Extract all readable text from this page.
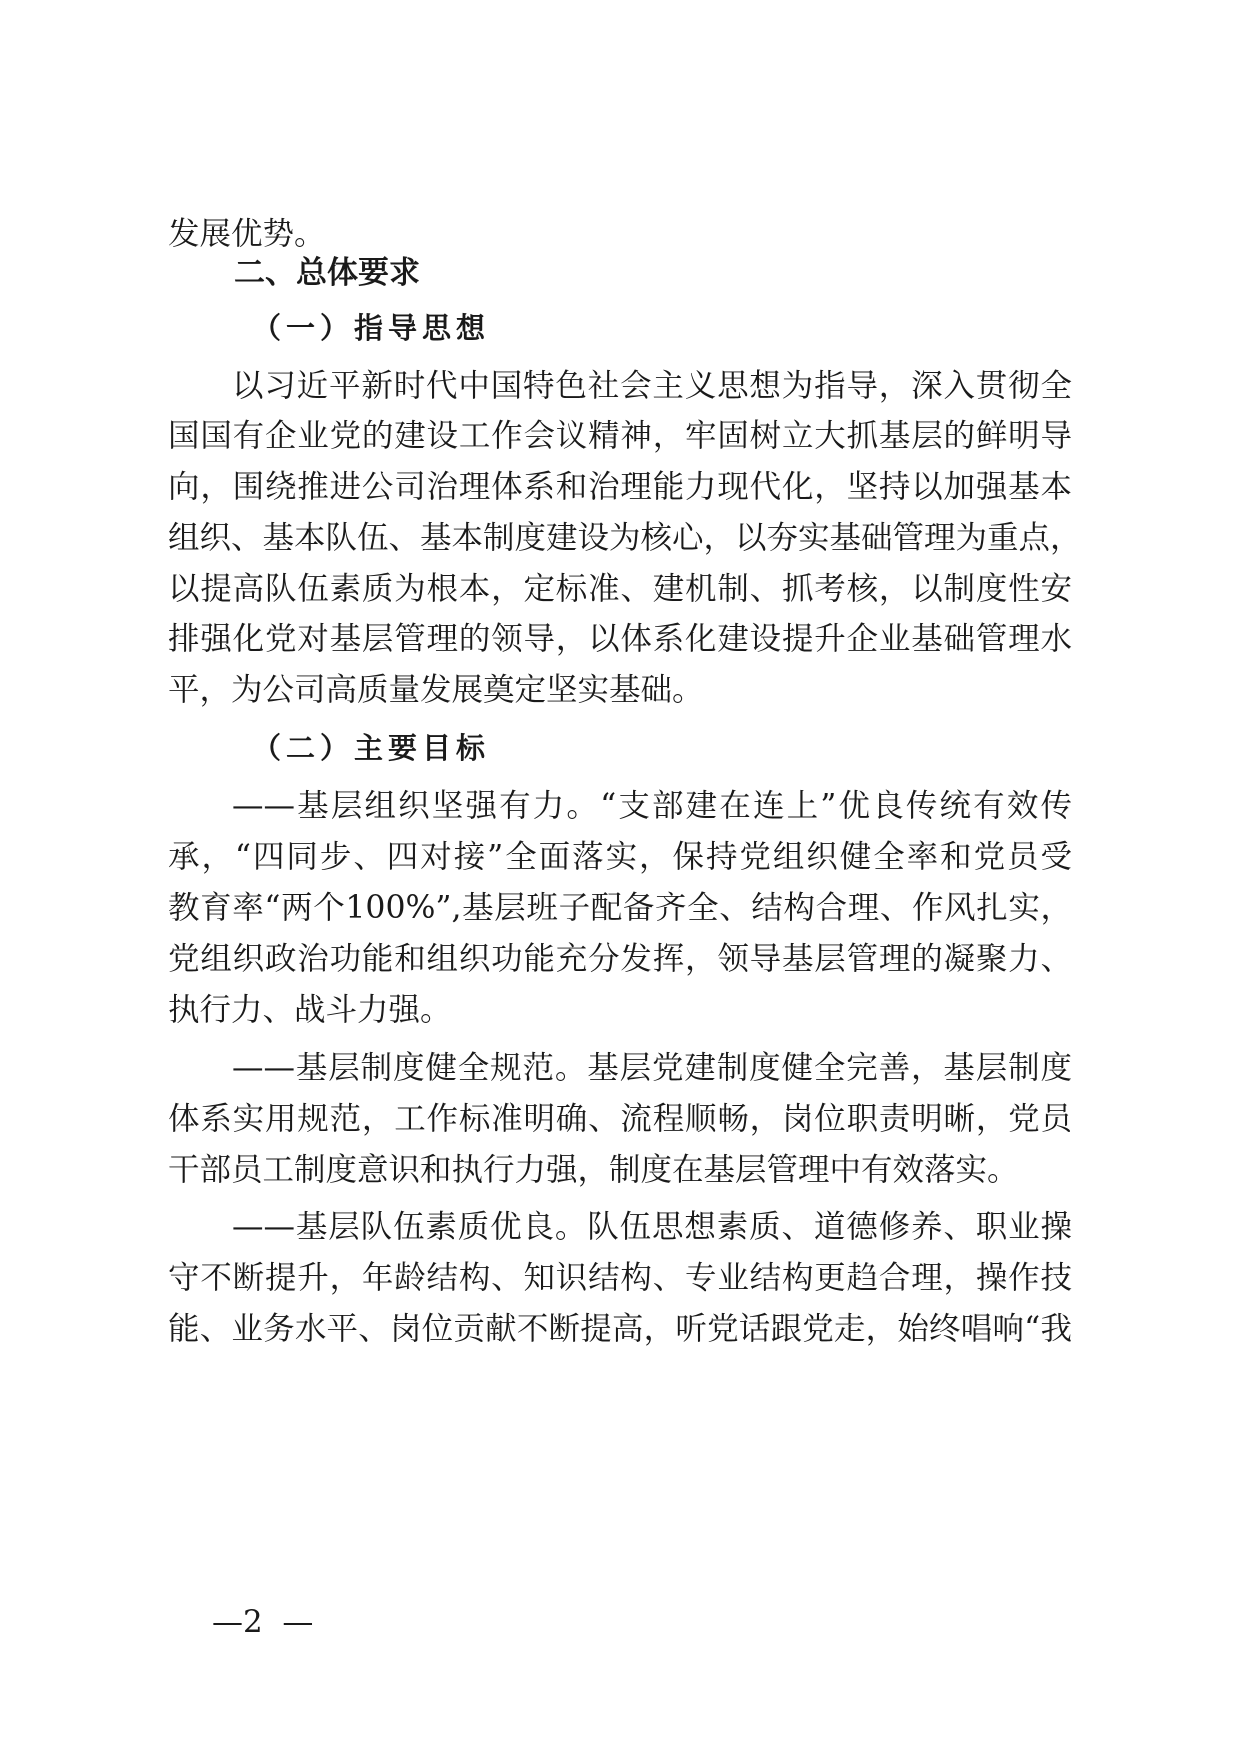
发展优势。
二、总体要求
（一）指导思想
以习近平新时代中国特色社会主义思想为指导，深入贯彻全
国国有企业党的建设工作会议精神，牢固树立大抓基层的鲜明导
向，围绕推进公司治理体系和治理能力现代化，坚持以加强基本
组织、基本队伍、基本制度建设为核心，以夯实基础管理为重点，
以提高队伍素质为根本，定标准、建机制、抓考核，以制度性安
排强化党对基层管理的领导，以体系化建设提升企业基础管理水
平，为公司高质量发展奠定坚实基础。
（二）主要目标
——基层组织坚强有力。“支部建在连上”优良传统有效传
承，“四同步、四对接”全面落实，保持党组织健全率和党员受
教育率“两个100%”,基层班子配备齐全、结构合理、作风扎实，
党组织政治功能和组织功能充分发挥，领导基层管理的凝聚力、
执行力、战斗力强。
——基层制度健全规范。基层党建制度健全完善，基层制度
体系实用规范，工作标准明确、流程顺畅，岗位职责明晰，党员
干部员工制度意识和执行力强，制度在基层管理中有效落实。
——基层队伍素质优良。队伍思想素质、道德修养、职业操
守不断提升，年龄结构、知识结构、专业结构更趋合理，操作技
能、业务水平、岗位贡献不断提高，听党话跟党走，始终唱响“我
—2  —
